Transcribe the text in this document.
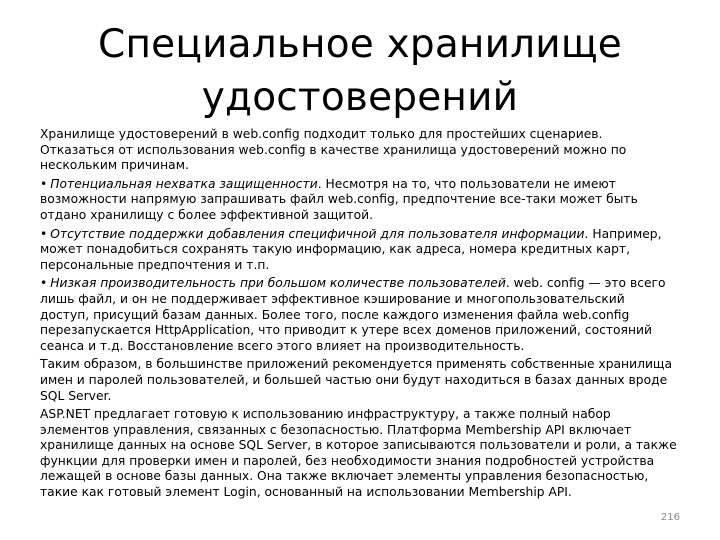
Специальное хранилище удостоверений

Хранилище удостоверений в web.config подходит только для простейших сценариев. Отказаться от использования web.config в качестве хранилища удостоверений можно по нескольким причинам.

• Потенциальная нехватка защищенности. Несмотря на то, что пользователи не имеют возможности напрямую запрашивать файл web.config, предпочтение все-таки может быть отдано хранилищу с более эффективной защитой.

• Отсутствие поддержки добавления специфичной для пользователя информации. Например, может понадобиться сохранять такую информацию, как адреса, номера кредитных карт, персональные предпочтения и т.п.

• Низкая производительность при большом количестве пользователей. web. config — это всего лишь файл, и он не поддерживает эффективное кэширование и многопользовательский доступ, присущий базам данных. Более того, после каждого изменения файла web.config перезапускается HttpApplication, что приводит к утере всех доменов приложений, состояний сеанса и т.д. Восстановление всего этого влияет на производительность.

Таким образом, в большинстве приложений рекомендуется применять собственные хранилища имен и паролей пользователей, и большей частью они будут находиться в базах данных вроде SQL Server.

ASP.NET предлагает готовую к использованию инфраструктуру, а также полный набор элементов управления, связанных с безопасностью. Платформа Membership API включает хранилище данных на основе SQL Server, в которое записываются пользователи и роли, а также функции для проверки имен и паролей, без необходимости знания подробностей устройства лежащей в основе базы данных. Она также включает элементы управления безопасностью, такие как готовый элемент Login, основанный на использовании Membership API.

216
